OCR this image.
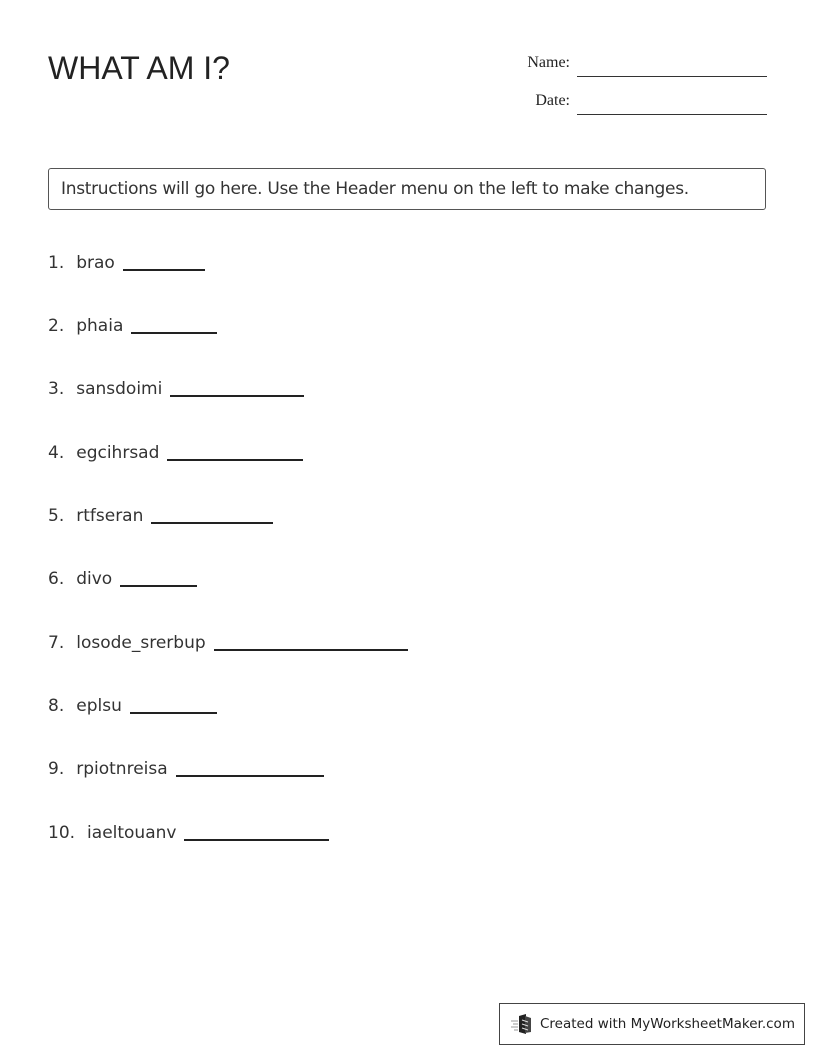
WHAT AM I?	Name:
Date:
Instructions will go here. Use the Header menu on the left to make changes.
1. brao
2. phaia
3. sansdoimi
4. egcihrsad
5. rtfseran
6. divo
7. losode_srerbup
8. eplsu
9. rpiotnreisa
10. iaeltouanv
Created with MyWorksheetMaker.com
